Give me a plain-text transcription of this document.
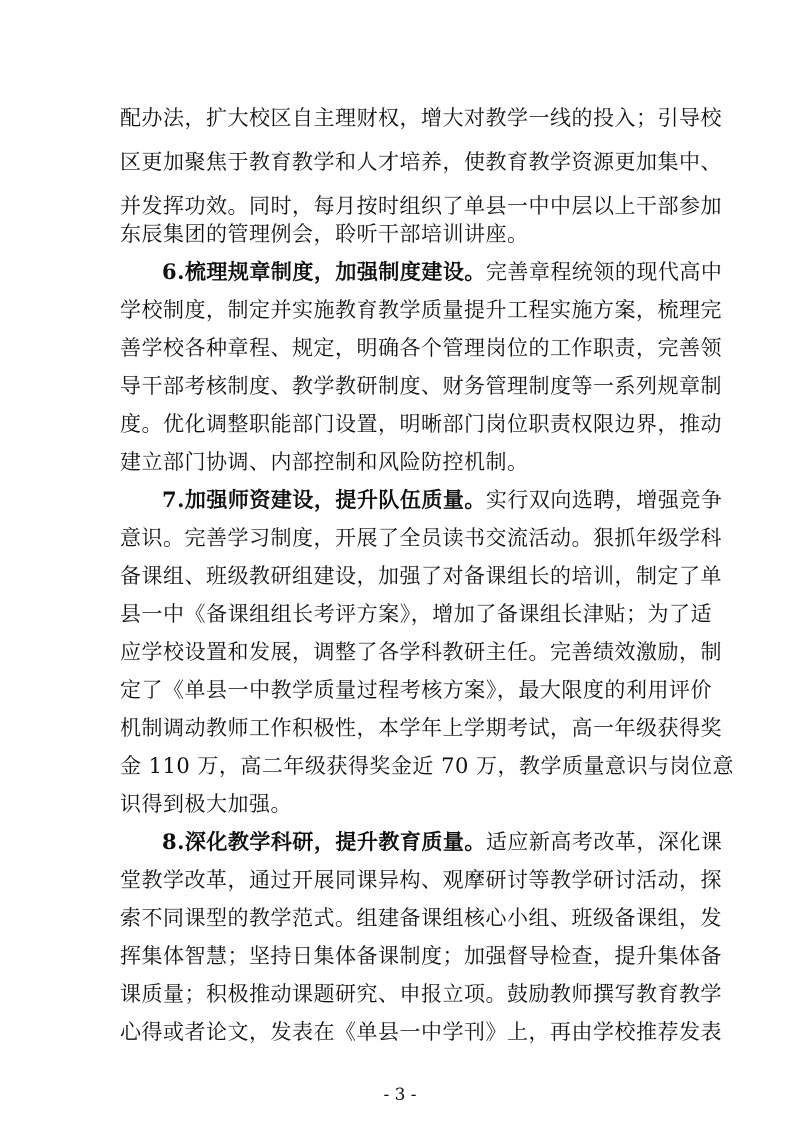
配办法，扩大校区自主理财权，增大对教学一线的投入；引导校
区更加聚焦于教育教学和人才培养，使教育教学资源更加集中、
并发挥功效。同时，每月按时组织了单县一中中层以上干部参加
东辰集团的管理例会，聆听干部培训讲座。
6.梳理规章制度，加强制度建设。完善章程统领的现代高中
学校制度，制定并实施教育教学质量提升工程实施方案，梳理完
善学校各种章程、规定，明确各个管理岗位的工作职责，完善领
导干部考核制度、教学教研制度、财务管理制度等一系列规章制
度。优化调整职能部门设置，明晰部门岗位职责权限边界，推动
建立部门协调、内部控制和风险防控机制。
7.加强师资建设，提升队伍质量。实行双向选聘，增强竞争
意识。完善学习制度，开展了全员读书交流活动。狠抓年级学科
备课组、班级教研组建设，加强了对备课组长的培训，制定了单
县一中《备课组组长考评方案》，增加了备课组长津贴；为了适
应学校设置和发展，调整了各学科教研主任。完善绩效激励，制
定了《单县一中教学质量过程考核方案》，最大限度的利用评价
机制调动教师工作积极性，本学年上学期考试，高一年级获得奖
金 110 万，高二年级获得奖金近 70 万，教学质量意识与岗位意
识得到极大加强。
8.深化教学科研，提升教育质量。适应新高考改革，深化课
堂教学改革，通过开展同课异构、观摩研讨等教学研讨活动，探
索不同课型的教学范式。组建备课组核心小组、班级备课组，发
挥集体智慧；坚持日集体备课制度；加强督导检查，提升集体备
课质量；积极推动课题研究、申报立项。鼓励教师撰写教育教学
心得或者论文，发表在《单县一中学刊》上，再由学校推荐发表
- 3 -
